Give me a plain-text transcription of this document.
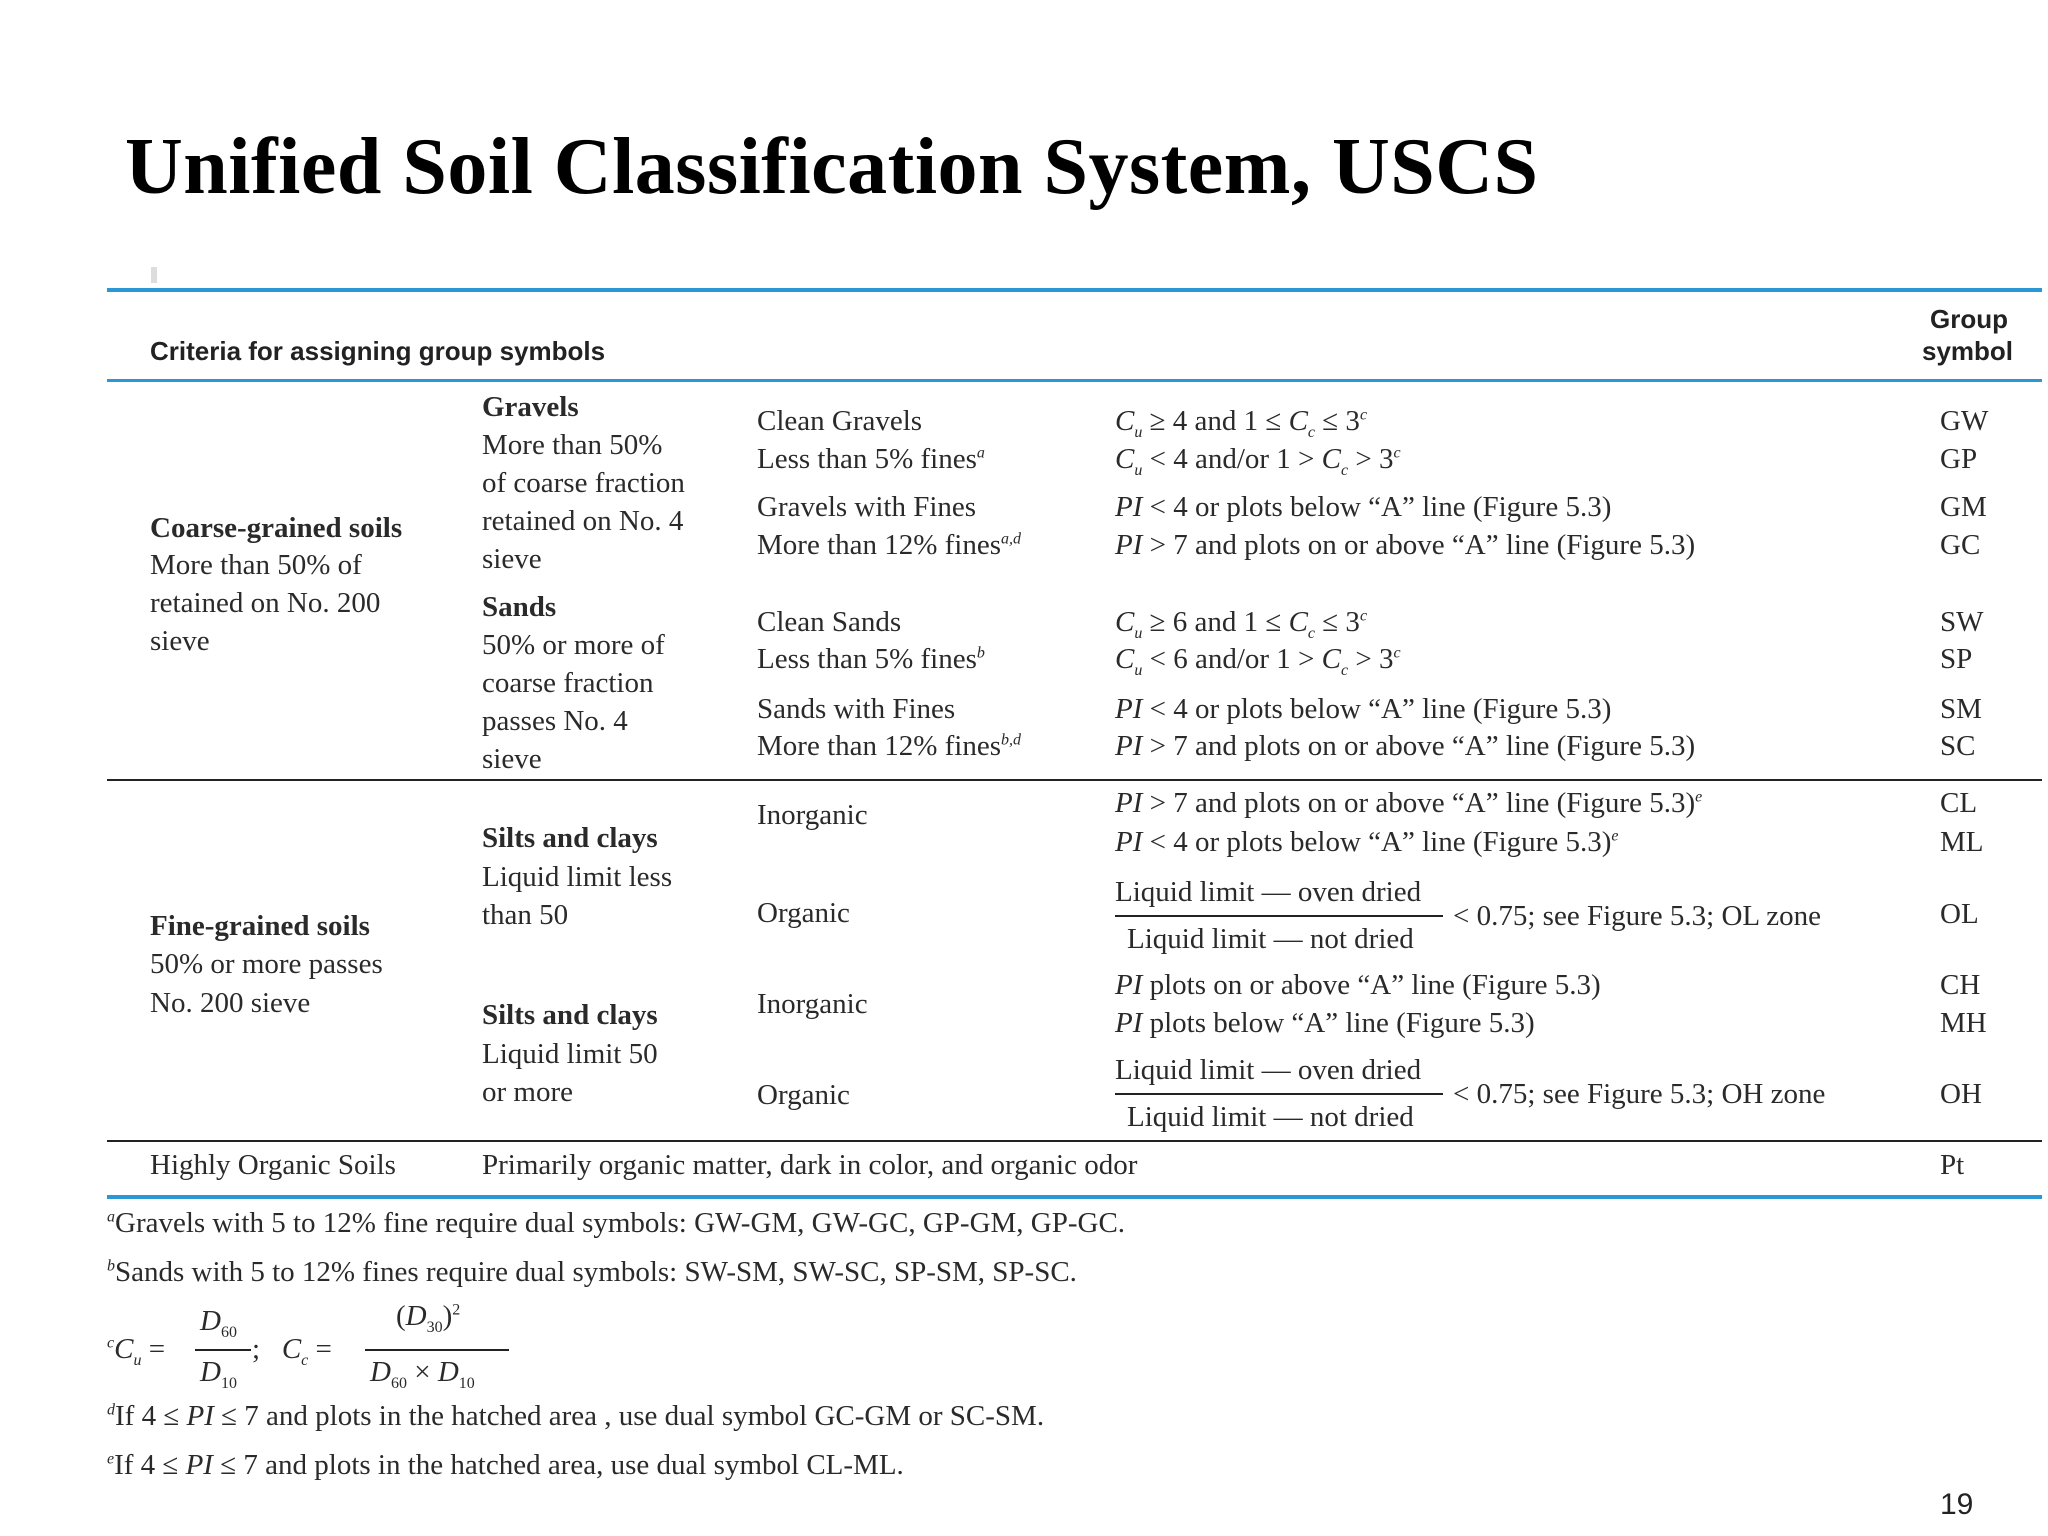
Unified Soil Classification System, USCS
Criteria for assigning group symbols
Group
symbol
Coarse-grained soils
More than 50% of
retained on No. 200
sieve
Gravels
More than 50%
of coarse fraction
retained on No. 4
sieve
Sands
50% or more of
coarse fraction
passes No. 4
sieve
Clean Gravels
Less than 5% fines$^a$
Gravels with Fines
More than 12% fines$^{a,d}$
Clean Sands
Less than 5% fines$^b$
Sands with Fines
More than 12% fines$^{b,d}$
$C_u \ge 4$ and $1 \le C_c \le 3^c$
$C_u < 4$ and/or $1 > C_c > 3^c$
PI < 4 or plots below “A” line (Figure 5.3)
PI > 7 and plots on or above “A” line (Figure 5.3)
$C_u \ge 6$ and $1 \le C_c \le 3^c$
$C_u < 6$ and/or $1 > C_c > 3^c$
PI < 4 or plots below “A” line (Figure 5.3)
PI > 7 and plots on or above “A” line (Figure 5.3)
GW
GP
GM
GC
SW
SP
SM
SC
Fine-grained soils
50% or more passes
No. 200 sieve
Silts and clays
Liquid limit less
than 50
Silts and clays
Liquid limit 50
or more
Inorganic
Organic
Inorganic
Organic
PI > 7 and plots on or above “A” line (Figure 5.3)$^e$
PI < 4 or plots below “A” line (Figure 5.3)$^e$
Liquid limit — oven dried
Liquid limit — not dried
< 0.75; see Figure 5.3; OL zone
PI plots on or above “A” line (Figure 5.3)
PI plots below “A” line (Figure 5.3)
Liquid limit — oven dried
Liquid limit — not dried
< 0.75; see Figure 5.3; OH zone
CL
ML
OL
CH
MH
OH
Highly Organic Soils	Primarily organic matter, dark in color, and organic odor	Pt
$^a$Gravels with 5 to 12% fine require dual symbols: GW-GM, GW-GC, GP-GM, GP-GC.
$^b$Sands with 5 to 12% fines require dual symbols: SW-SM, SW-SC, SP-SM, SP-SC.
$^cC_u$ =
$D_{60}$
$D_{10}$
;   $C_c$ =
$(D_{30})^2$
$D_{60} \times D_{10}$
$^d$If 4 ≤ PI ≤ 7 and plots in the hatched area , use dual symbol GC-GM or SC-SM.
$^e$If 4 ≤ PI ≤ 7 and plots in the hatched area, use dual symbol CL-ML.
19
